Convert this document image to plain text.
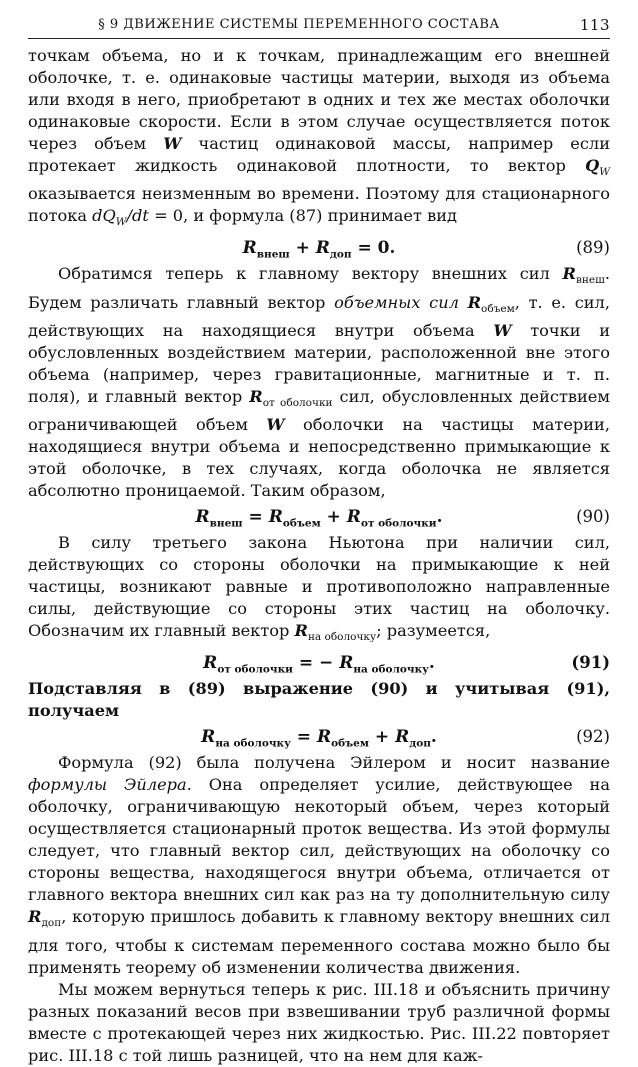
§ 9 ДВИЖЕНИЕ СИСТЕМЫ ПЕРЕМЕННОГО СОСТАВА	113

точкам объема, но и к точкам, принадлежащим его внешней оболочке, т. е. одинаковые частицы материи, выходя из объема или входя в него, приобретают в одних и тех же местах оболочки одинаковые скорости. Если в этом случае осуществляется поток через объем W частиц одинаковой массы, например если протекает жидкость одинаковой плотности, то вектор $Q_W$ оказывается неизменным во времени. Поэтому для стационарного потока $dQ_W/dt = 0$, и формула (87) принимает вид

$R_{внеш} + R_{доп} = 0$.	(89)

Обратимся теперь к главному вектору внешних сил $R_{внеш}$. Будем различать главный вектор объемных сил $R_{объем}$, т. е. сил, действующих на находящиеся внутри объема W точки и обусловленных воздействием материи, расположенной вне этого объема (например, через гравитационные, магнитные и т. п. поля), и главный вектор $R_{от оболочки}$ сил, обусловленных действием ограничивающей объем W оболочки на частицы материи, находящиеся внутри объема и непосредственно примыкающие к этой оболочке, в тех случаях, когда оболочка не является абсолютно проницаемой. Таким образом,

$R_{внеш} = R_{объем} + R_{от оболочки}$.	(90)

В силу третьего закона Ньютона при наличии сил, действующих со стороны оболочки на примыкающие к ней частицы, возникают равные и противоположно направленные силы, действующие со стороны этих частиц на оболочку. Обозначим их главный вектор $R_{на оболочку}$; разумеется,

$R_{от оболочки}$ = − $R_{на оболочку}$.	(91)

Подставляя в (89) выражение (90) и учитывая (91), получаем

$R_{на оболочку} = R_{объем} + R_{доп}$.	(92)

Формула (92) была получена Эйлером и носит название формулы Эйлера. Она определяет усилие, действующее на оболочку, ограничивающую некоторый объем, через который осуществляется стационарный проток вещества. Из этой формулы следует, что главный вектор сил, действующих на оболочку со стороны вещества, находящегося внутри объема, отличается от главного вектора внешних сил как раз на ту дополнительную силу $R_{доп}$, которую пришлось добавить к главному вектору внешних сил для того, чтобы к системам переменного состава можно было бы применять теорему об изменении количества движения.

Мы можем вернуться теперь к рис. III.18 и объяснить причину разных показаний весов при взвешивании труб различной формы вместе с протекающей через них жидкостью. Рис. III.22 повторяет рис. III.18 с той лишь разницей, что на нем для каж-
